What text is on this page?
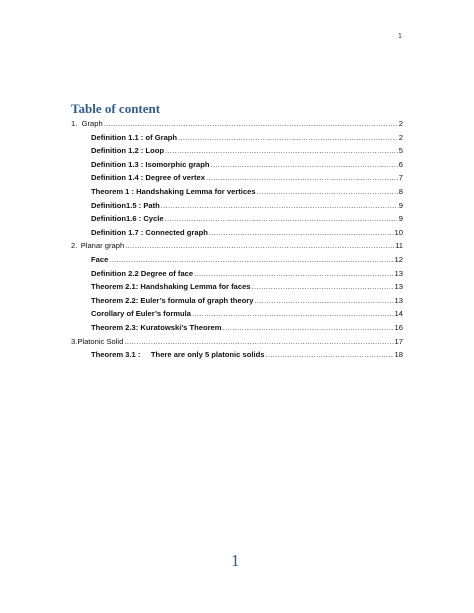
1
Table of content
1. Graph .....	2
Definition 1.1 : of Graph .....	2
Definition 1.2 : Loop .....	5
Definition 1.3 : Isomorphic graph .....	6
Definition 1.4 : Degree of vertex .....	7
Theorem 1 : Handshaking Lemma for vertices .....	8
Definition1.5 : Path .....	9
Definition1.6 : Cycle .....	9
Definition 1.7 : Connected graph .....	10
2. Planar graph .....	11
Face .....	12
Definition 2.2 Degree of face .....	13
Theorem 2.1: Handshaking Lemma for faces .....	13
Theorem 2.2: Euler’s formula of graph theory .....	13
Corollary of Euler’s formula .....	14
Theorem 2.3: Kuratowski’s Theorem .....	16
3.Platonic Solid .....	17
Theorem 3.1 :     There are only 5 platonic solids .....	18
1
